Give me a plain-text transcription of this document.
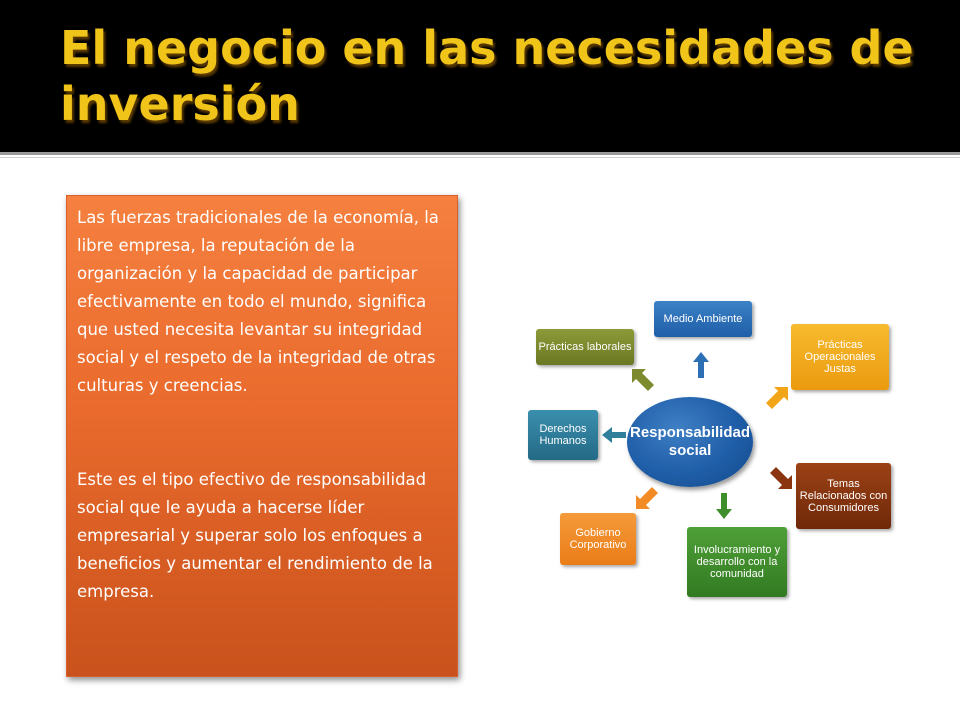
El negocio en las necesidades de inversión

Las fuerzas tradicionales de la economía, la libre empresa, la reputación de la organización y la capacidad de participar efectivamente en todo el mundo, significa que usted necesita levantar su integridad social y el respeto de la integridad de otras culturas y creencias.

Este es el tipo efectivo de responsabilidad social que le ayuda a hacerse líder empresarial y superar solo los enfoques a beneficios y aumentar el rendimiento de la empresa.

Responsabilidad social
Medio Ambiente
Prácticas laborales	Prácticas Operacionales Justas
Derechos Humanos
Temas Relacionados con Consumidores
Gobierno Corporativo	Involucramiento y desarrollo con la comunidad
